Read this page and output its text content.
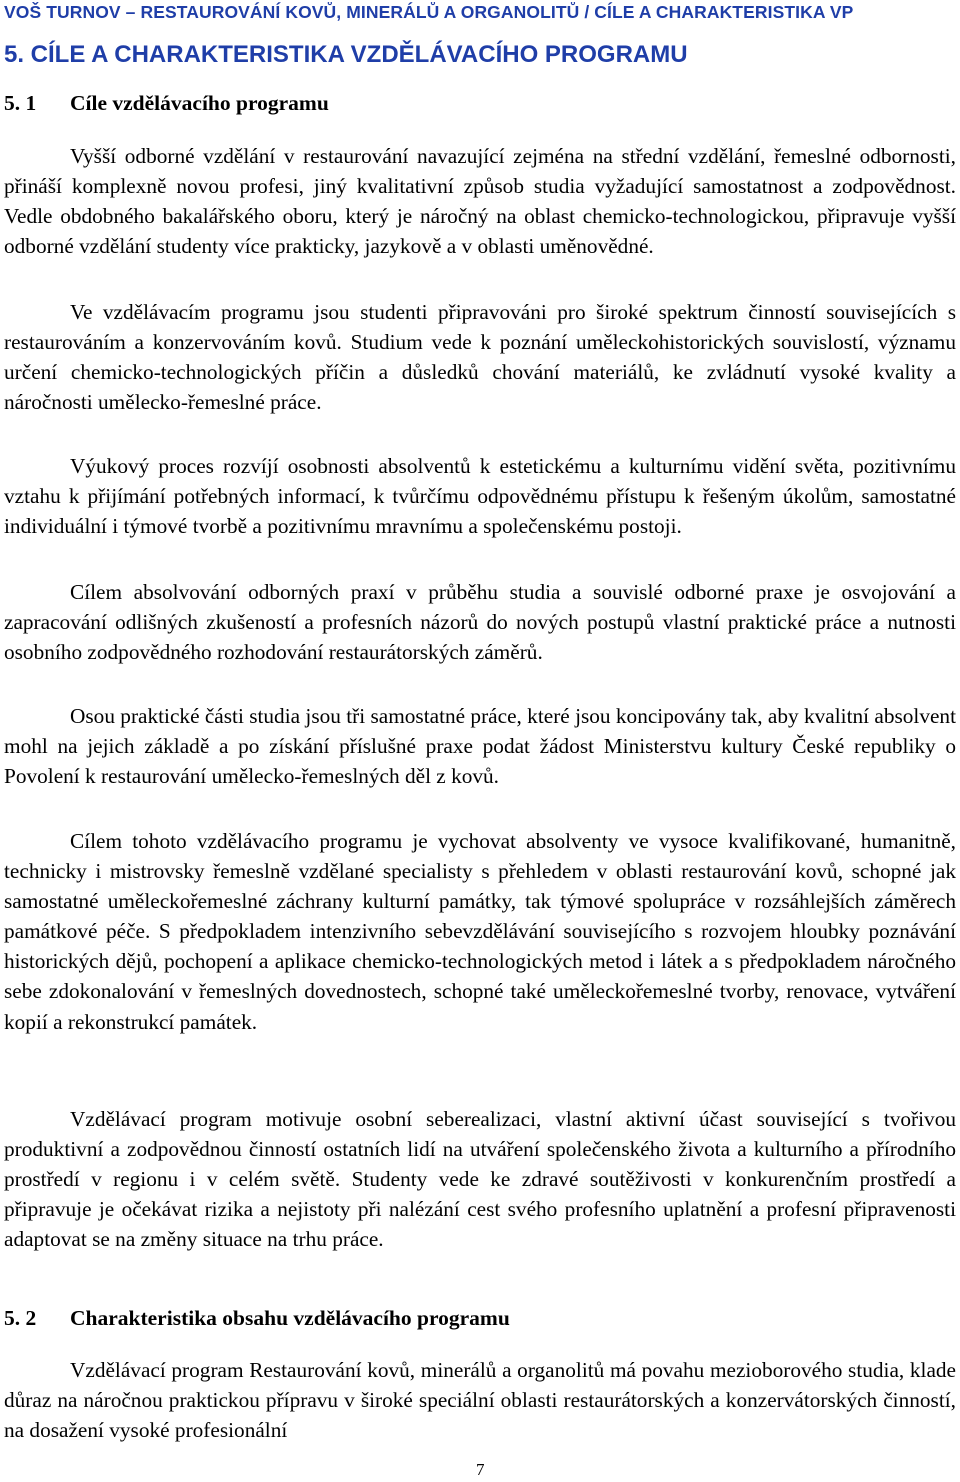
VOŠ TURNOV – RESTAUROVÁNÍ KOVŮ, MINERÁLŮ A ORGANOLITŮ / CÍLE A CHARAKTERISTIKA VP
5. CÍLE A CHARAKTERISTIKA VZDĚLÁVACÍHO PROGRAMU
5. 1 Cíle vzdělávacího programu

Vyšší odborné vzdělání v restaurování navazující zejména na střední vzdělání, řemeslné odbornosti, přináší komplexně novou profesi, jiný kvalitativní způsob studia vyžadující samostatnost a zodpovědnost. Vedle obdobného bakalářského oboru, který je náročný na oblast chemicko-technologickou, připravuje vyšší odborné vzdělání studenty více prakticky, jazykově a v oblasti uměnovědné.

Ve vzdělávacím programu jsou studenti připravováni pro široké spektrum činností souvisejících s restaurováním a konzervováním kovů. Studium vede k poznání uměleckohistorických souvislostí, významu určení chemicko-technologických příčin a důsledků chování materiálů, ke zvládnutí vysoké kvality a náročnosti umělecko-řemeslné práce.

Výukový proces rozvíjí osobnosti absolventů k estetickému a kulturnímu vidění světa, pozitivnímu vztahu k přijímání potřebných informací, k tvůrčímu odpovědnému přístupu k řešeným úkolům, samostatné individuální i týmové tvorbě a pozitivnímu mravnímu a společenskému postoji.

Cílem absolvování odborných praxí v průběhu studia a souvislé odborné praxe je osvojování a zapracování odlišných zkušeností a profesních názorů do nových postupů vlastní praktické práce a nutnosti osobního zodpovědného rozhodování restaurátorských záměrů.

Osou praktické části studia jsou tři samostatné práce, které jsou koncipovány tak, aby kvalitní absolvent mohl na jejich základě a po získání příslušné praxe podat žádost Ministerstvu kultury České republiky o Povolení k restaurování umělecko-řemeslných děl z kovů.

Cílem tohoto vzdělávacího programu je vychovat absolventy ve vysoce kvalifikované, humanitně, technicky i mistrovsky řemeslně vzdělané specialisty s přehledem v oblasti restaurování kovů, schopné jak samostatné uměleckořemeslné záchrany kulturní památky, tak týmové spolupráce v rozsáhlejších záměrech památkové péče. S předpokladem intenzivního sebevzdělávání souvisejícího s rozvojem hloubky poznávání historických dějů, pochopení a aplikace chemicko-technologických metod i látek a s předpokladem náročného sebe zdokonalování v řemeslných dovednostech, schopné také uměleckořemeslné tvorby, renovace, vytváření kopií a rekonstrukcí památek.

Vzdělávací program motivuje osobní seberealizaci, vlastní aktivní účast související s tvořivou produktivní a zodpovědnou činností ostatních lidí na utváření společenského života a kulturního a přírodního prostředí v regionu i v celém světě. Studenty vede ke zdravé soutěživosti v konkurenčním prostředí a připravuje je očekávat rizika a nejistoty při nalézání cest svého profesního uplatnění a profesní připravenosti adaptovat se na změny situace na trhu práce.

5. 2 Charakteristika obsahu vzdělávacího programu

Vzdělávací program Restaurování kovů, minerálů a organolitů má povahu mezioborového studia, klade důraz na náročnou praktickou přípravu v široké speciální oblasti restaurátorských a konzervátorských činností, na dosažení vysoké profesionální

7
